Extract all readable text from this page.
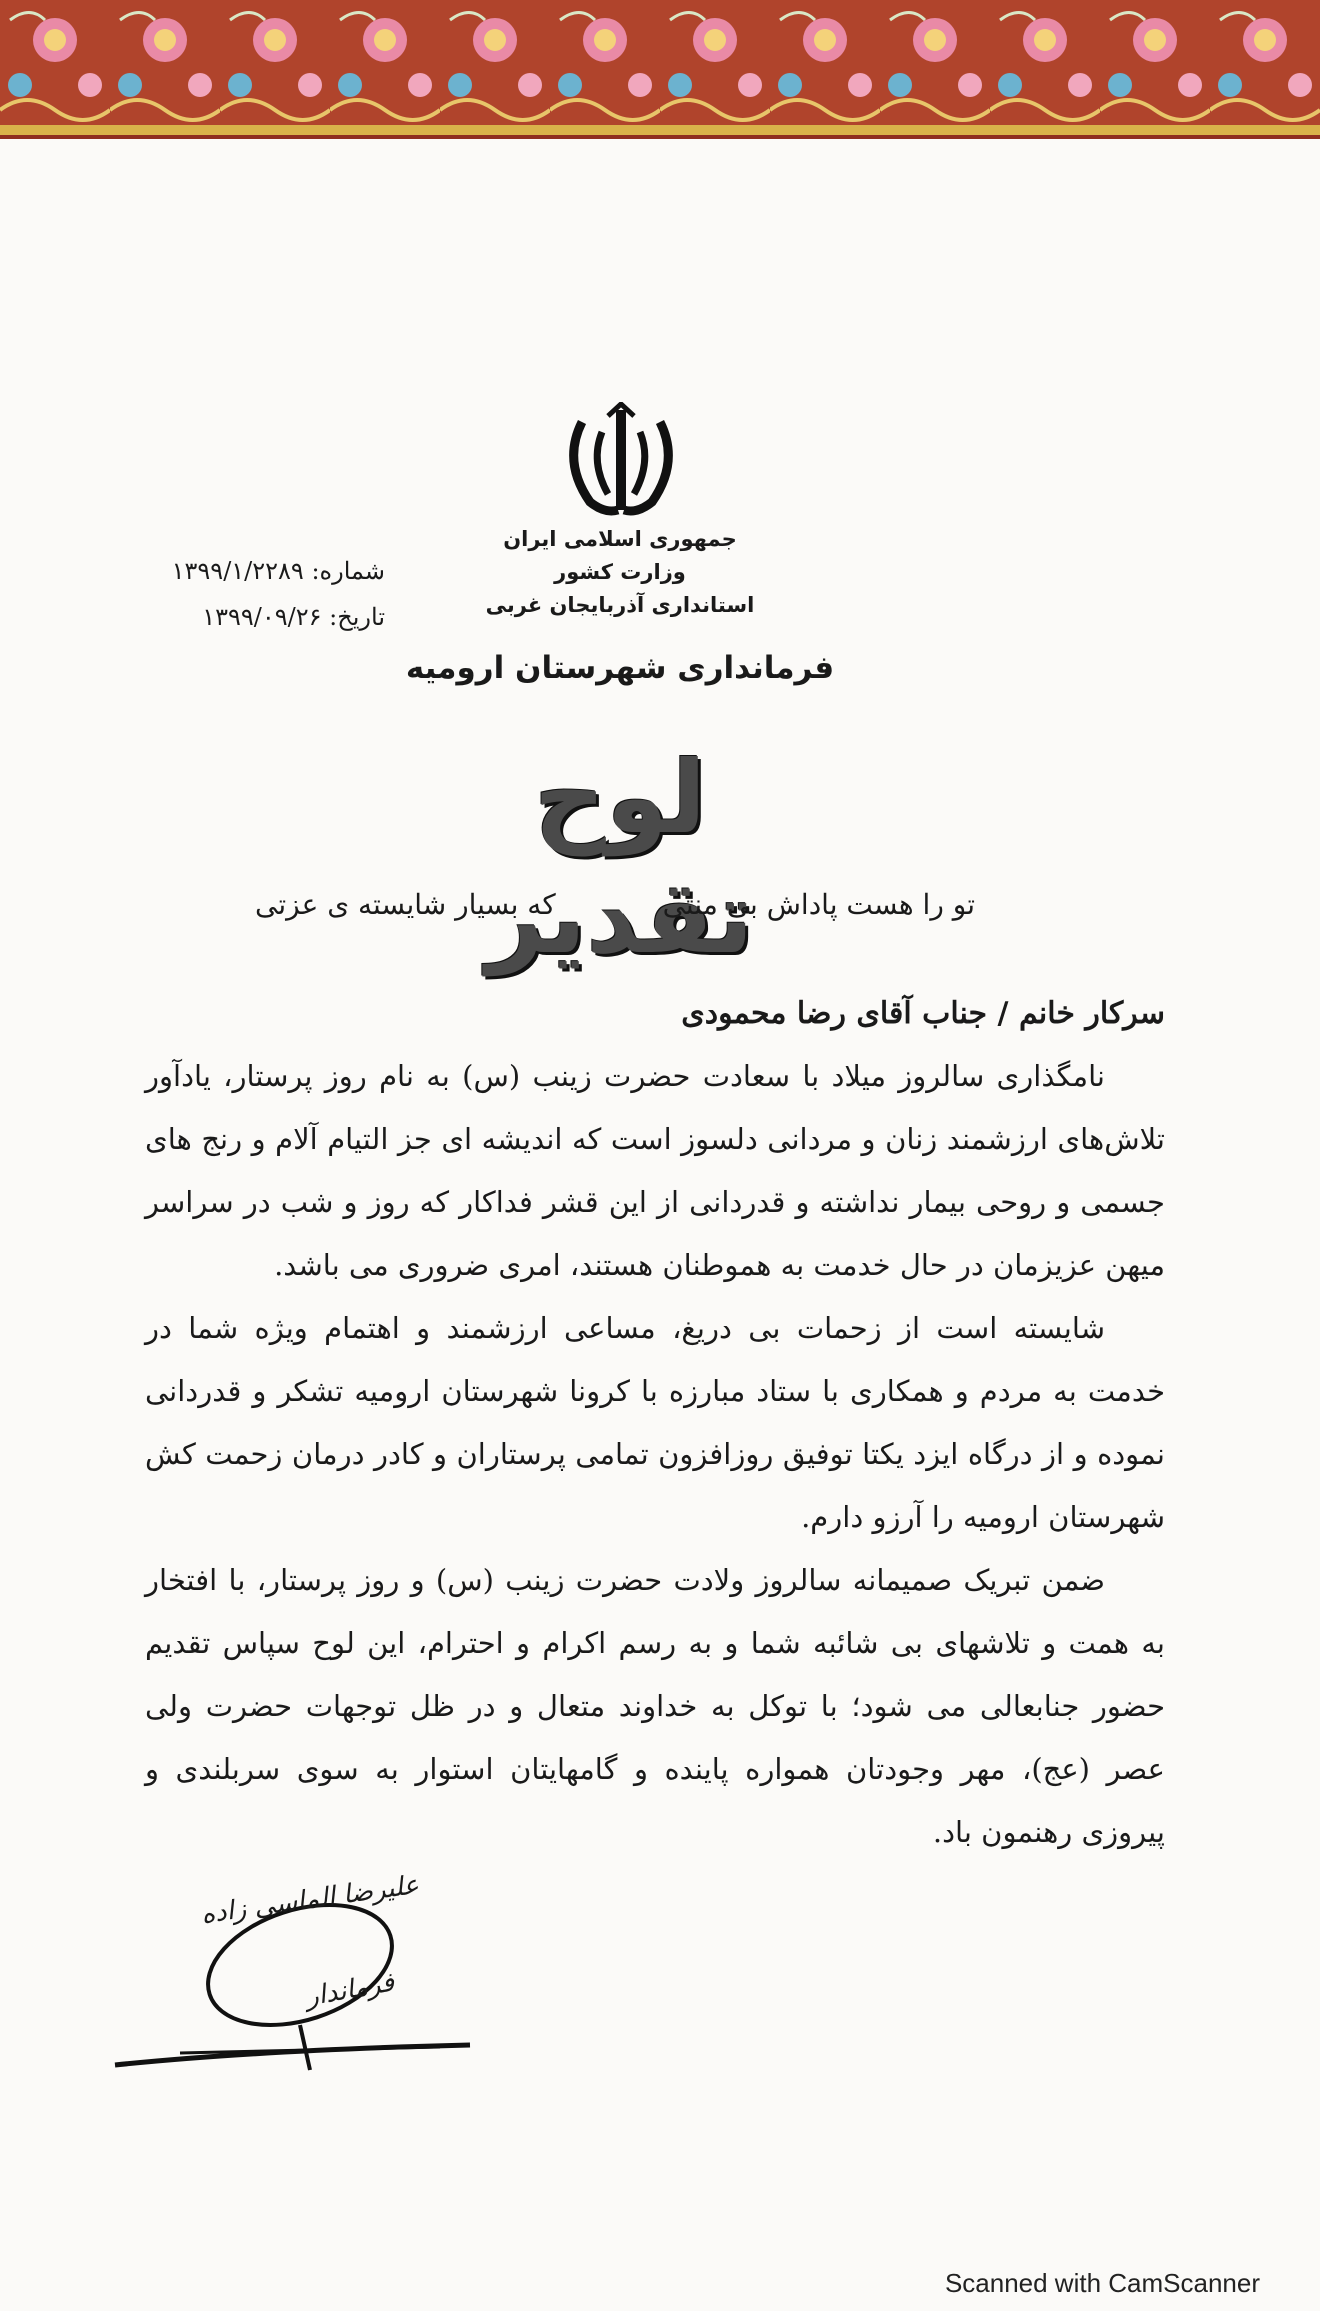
جمهوری اسلامی ایران
وزارت کشور
استانداری آذربایجان غربی
فرمانداری شهرستان ارومیه
شماره: ۱۳۹۹/۱/۲۲۸۹
تاریخ: ۱۳۹۹/۰۹/۲۶
لوح تقدیر
تو را هست پاداش بی منتی
که بسیار شایسته ی عزتی
سرکار خانم / جناب آقای رضا محمودی

نامگذاری سالروز میلاد با سعادت حضرت زینب (س) به نام روز پرستار، یادآور تلاش‌های ارزشمند زنان و مردانی دلسوز است که اندیشه ای جز التیام آلام و رنج های جسمی و روحی بیمار نداشته و قدردانی از این قشر فداکار که روز و شب در سراسر میهن عزیزمان در حال خدمت به هموطنان هستند، امری ضروری می باشد.

شایسته است از زحمات بی دریغ، مساعی ارزشمند و اهتمام ویژه شما در خدمت به مردم و همکاری با ستاد مبارزه با کرونا شهرستان ارومیه تشکر و قدردانی نموده و از درگاه ایزد یکتا توفیق روزافزون تمامی پرستاران و کادر درمان زحمت کش شهرستان ارومیه را آرزو دارم.

ضمن تبریک صمیمانه سالروز ولادت حضرت زینب (س) و روز پرستار، با افتخار به همت و تلاشهای بی شائبه شما و به رسم اکرام و احترام، این لوح سپاس تقدیم حضور جنابعالی می شود؛ با توکل به خداوند متعال و در ظل توجهات حضرت ولی عصر (عج)، مهر وجودتان همواره پاینده و گامهایتان استوار به سوی سربلندی و پیروزی رهنمون باد.

علیرضا الماسی زاده
فرماندار
Scanned with CamScanner
